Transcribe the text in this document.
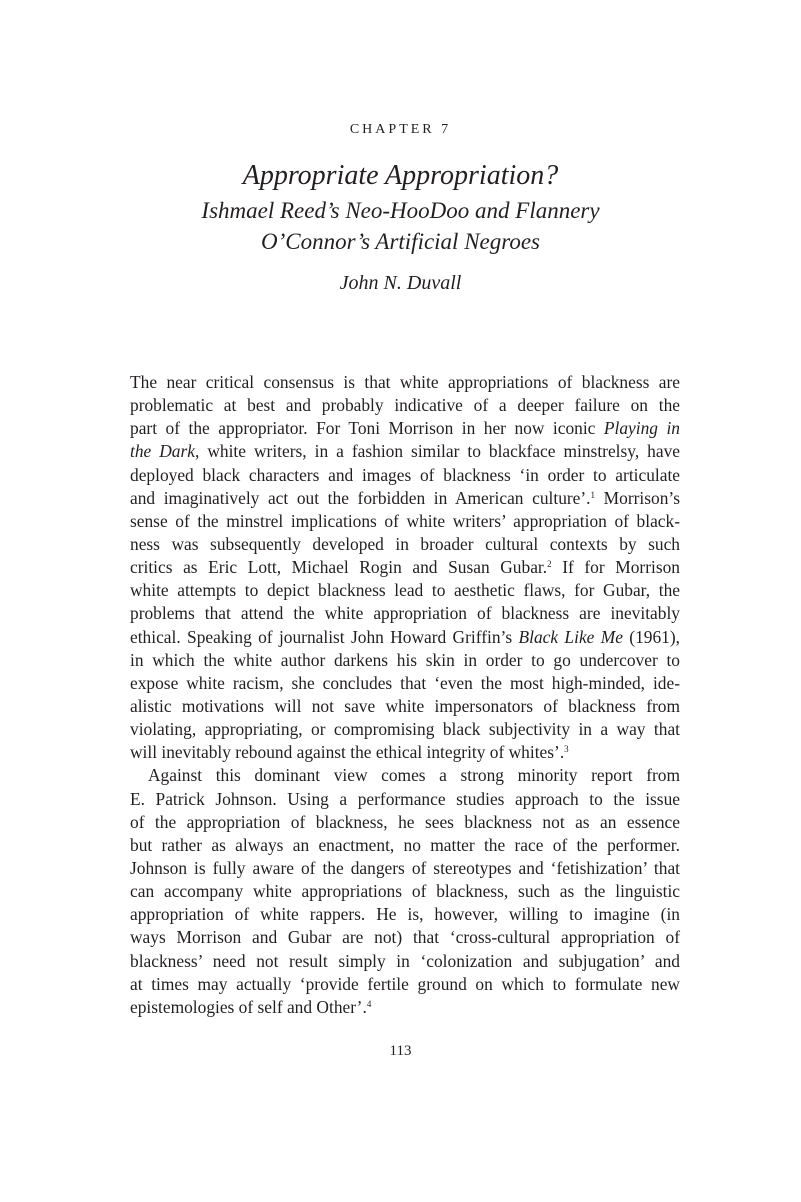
CHAPTER 7
Appropriate Appropriation?
Ishmael Reed’s Neo-HooDoo and Flannery
O’Connor’s Artificial Negroes
John N. Duvall
The near critical consensus is that white appropriations of blackness are
problematic at best and probably indicative of a deeper failure on the
part of the appropriator. For Toni Morrison in her now iconic Playing in
the Dark, white writers, in a fashion similar to blackface minstrelsy, have
deployed black characters and images of blackness ‘in order to articulate
and imaginatively act out the forbidden in American culture’.$^1$ Morrison’s
sense of the minstrel implications of white writers’ appropriation of black-
ness was subsequently developed in broader cultural contexts by such
critics as Eric Lott, Michael Rogin and Susan Gubar.$^2$ If for Morrison
white attempts to depict blackness lead to aesthetic flaws, for Gubar, the
problems that attend the white appropriation of blackness are inevitably
ethical. Speaking of journalist John Howard Griffin’s Black Like Me (1961),
in which the white author darkens his skin in order to go undercover to
expose white racism, she concludes that ‘even the most high-minded, ide-
alistic motivations will not save white impersonators of blackness from
violating, appropriating, or compromising black subjectivity in a way that
will inevitably rebound against the ethical integrity of whites’.$^3$
Against this dominant view comes a strong minority report from
E. Patrick Johnson. Using a performance studies approach to the issue
of the appropriation of blackness, he sees blackness not as an essence
but rather as always an enactment, no matter the race of the performer.
Johnson is fully aware of the dangers of stereotypes and ‘fetishization’ that
can accompany white appropriations of blackness, such as the linguistic
appropriation of white rappers. He is, however, willing to imagine (in
ways Morrison and Gubar are not) that ‘cross-cultural appropriation of
blackness’ need not result simply in ‘colonization and subjugation’ and
at times may actually ‘provide fertile ground on which to formulate new
epistemologies of self and Other’.$^4$
113
